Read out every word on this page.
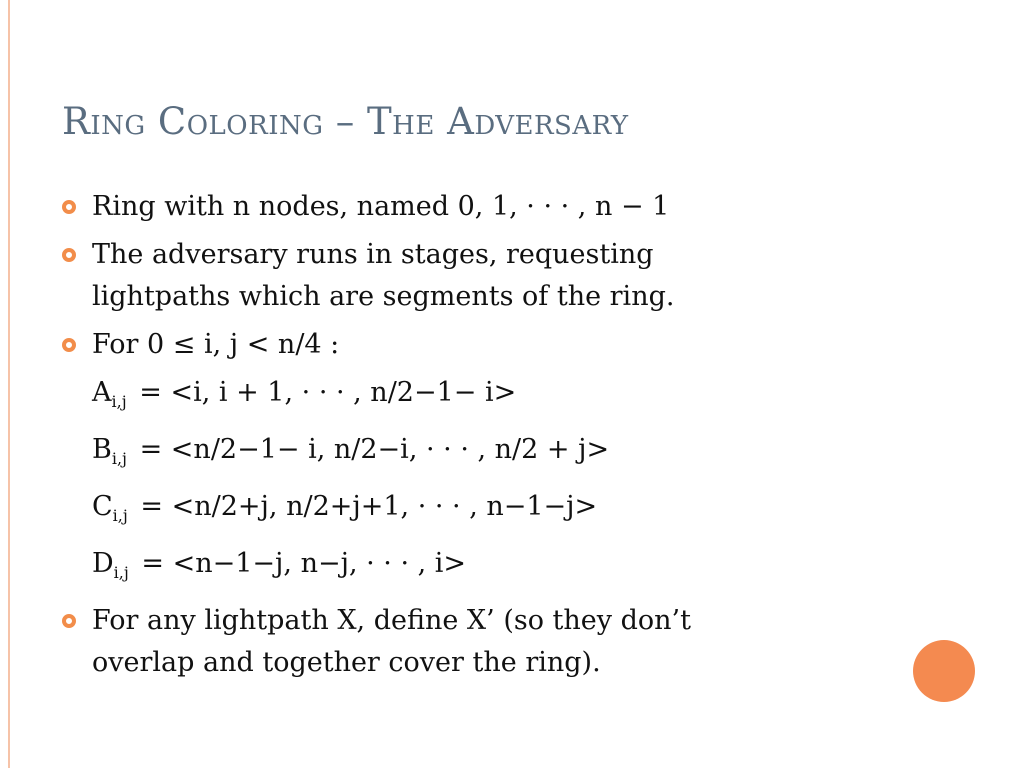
Ring Coloring – The Adversary
Ring with n nodes, named 0, 1, · · · , n − 1
The adversary runs in stages, requesting
lightpaths which are segments of the ring.
For 0 ≤ i, j < n/4 :
$A_{i,j} = <i$, i + 1, · · · , n/2−1− i>
$B_{i,j} = <n/2-1- i$, n/2−i, · · · , n/2 + j>
$C_{i,j} = <n/2+j$, n/2+j+1, · · · , n−1−j>
$D_{i,j} = <n-1-j$, n−j, · · · , i>
For any lightpath X, define X’ (so they don’t
overlap and together cover the ring).
